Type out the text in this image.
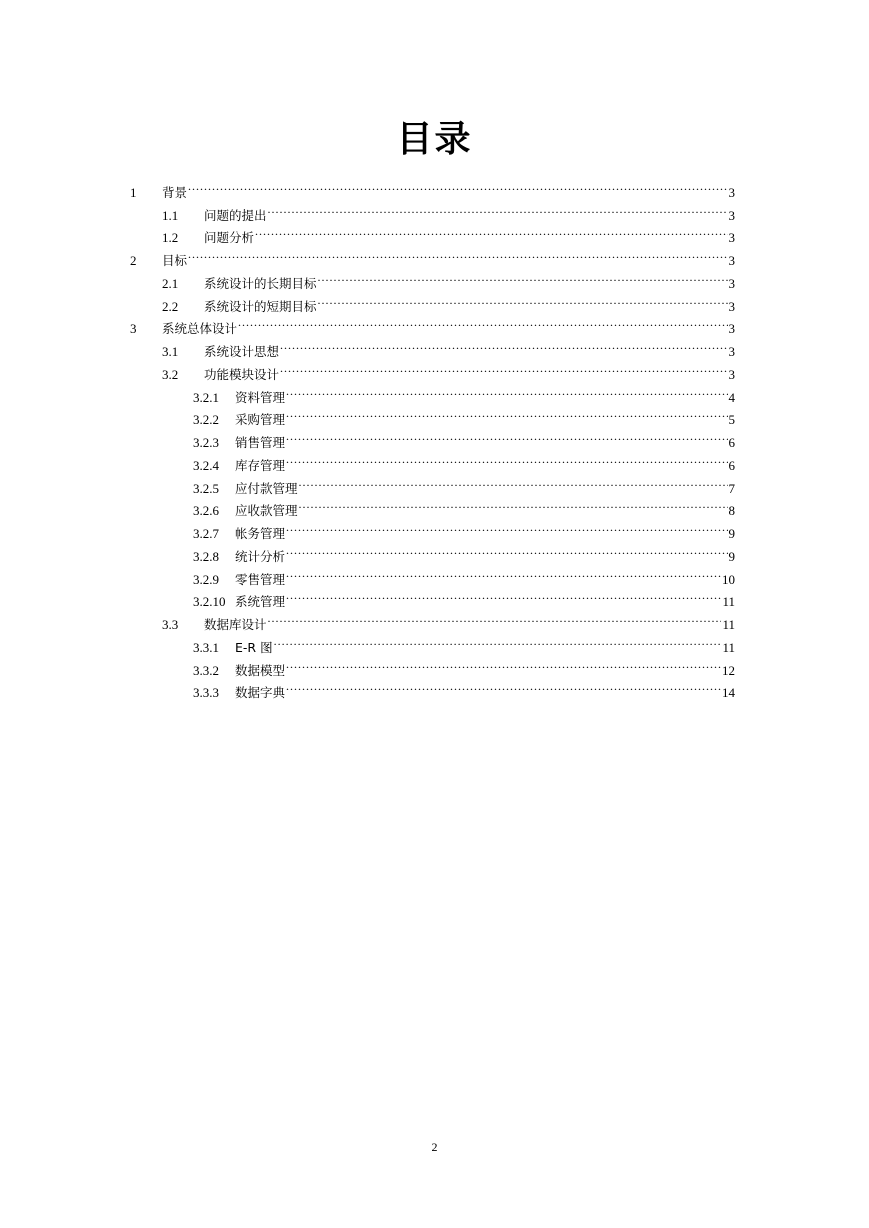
目录
1	背景 .....	3
1.1	问题的提出 .....	3
1.2	问题分析 .....	3
2	目标 .....	3
2.1	系统设计的长期目标 .....	3
2.2	系统设计的短期目标 .....	3
3	系统总体设计 .....	3
3.1	系统设计思想 .....	3
3.2	功能模块设计 .....	3
3.2.1	资料管理 .....	4
3.2.2	采购管理 .....	5
3.2.3	销售管理 .....	6
3.2.4	库存管理 .....	6
3.2.5	应付款管理 .....	7
3.2.6	应收款管理 .....	8
3.2.7	帐务管理 .....	9
3.2.8	统计分析 .....	9
3.2.9	零售管理 .....	10
3.2.10 系统管理 .....	11
3.3	数据库设计 .....	11
3.3.1	E-R 图 .....	11
3.3.2	数据模型 .....	12
3.3.3	数据字典 .....	14
2
